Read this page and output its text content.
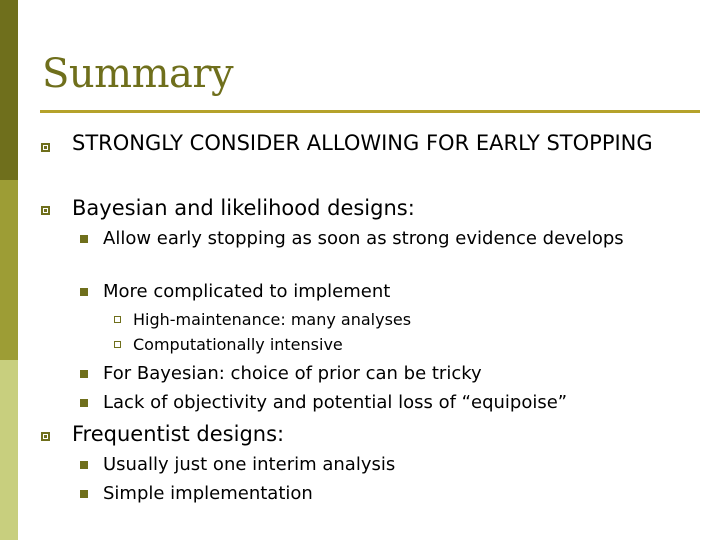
Summary
STRONGLY CONSIDER ALLOWING FOR EARLY STOPPING
Bayesian and likelihood designs:
Allow early stopping as soon as strong evidence develops
More complicated to implement
High-maintenance: many analyses
Computationally intensive
For Bayesian: choice of prior can be tricky
Lack of objectivity and potential loss of “equipoise”
Frequentist designs:
Usually just one interim analysis
Simple implementation
